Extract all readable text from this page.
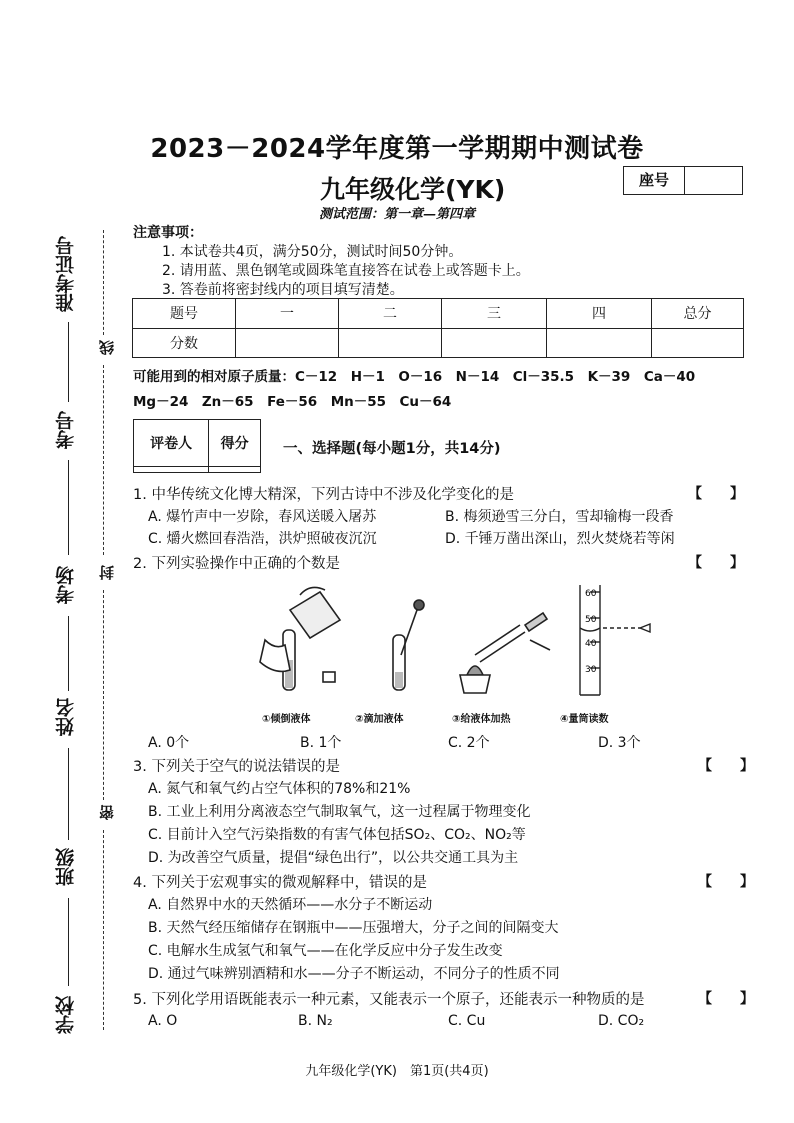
准考证号
考号
考场
姓名
班级
学校
线
封
密
2023－2024学年度第一学期期中测试卷
九年级化学(YK)	座号
测试范围：第一章—第四章
注意事项：
1. 本试卷共4页，满分50分，测试时间50分钟。
2. 请用蓝、黑色钢笔或圆珠笔直接答在试卷上或答题卡上。
3. 答卷前将密封线内的项目填写清楚。
题号	一	二	三	四	总分
分数					
可能用到的相对原子质量：C－12　H－1　O－16　N－14　Cl－35.5　K－39　Ca－40
Mg－24　Zn－65　Fe－56　Mn－55　Cu－64
评卷人	得分
	一、选择题(每小题1分，共14分)
1. 中华传统文化博大精深，下列古诗中不涉及化学变化的是	【　　】
A. 爆竹声中一岁除，春风送暖入屠苏	B. 梅须逊雪三分白，雪却输梅一段香
C. 爝火燃回春浩浩，洪炉照破夜沉沉	D. 千锤万凿出深山，烈火焚烧若等闲
2. 下列实验操作中正确的个数是	【　　】
60
50
40
30
①倾倒液体	②滴加液体	③给液体加热	④量筒读数
A. 0个	B. 1个	C. 2个	D. 3个
3. 下列关于空气的说法错误的是	【　　】
A. 氮气和氧气约占空气体积的78%和21%
B. 工业上利用分离液态空气制取氧气，这一过程属于物理变化
C. 目前计入空气污染指数的有害气体包括SO₂、CO₂、NO₂等
D. 为改善空气质量，提倡“绿色出行”，以公共交通工具为主
4. 下列关于宏观事实的微观解释中，错误的是	【　　】
A. 自然界中水的天然循环——水分子不断运动
B. 天然气经压缩储存在钢瓶中——压强增大，分子之间的间隔变大
C. 电解水生成氢气和氧气——在化学反应中分子发生改变
D. 通过气味辨别酒精和水——分子不断运动，不同分子的性质不同
5. 下列化学用语既能表示一种元素，又能表示一个原子，还能表示一种物质的是	【　　】
A. O	B. N₂	C. Cu	D. CO₂
九年级化学(YK)　第1页(共4页)
